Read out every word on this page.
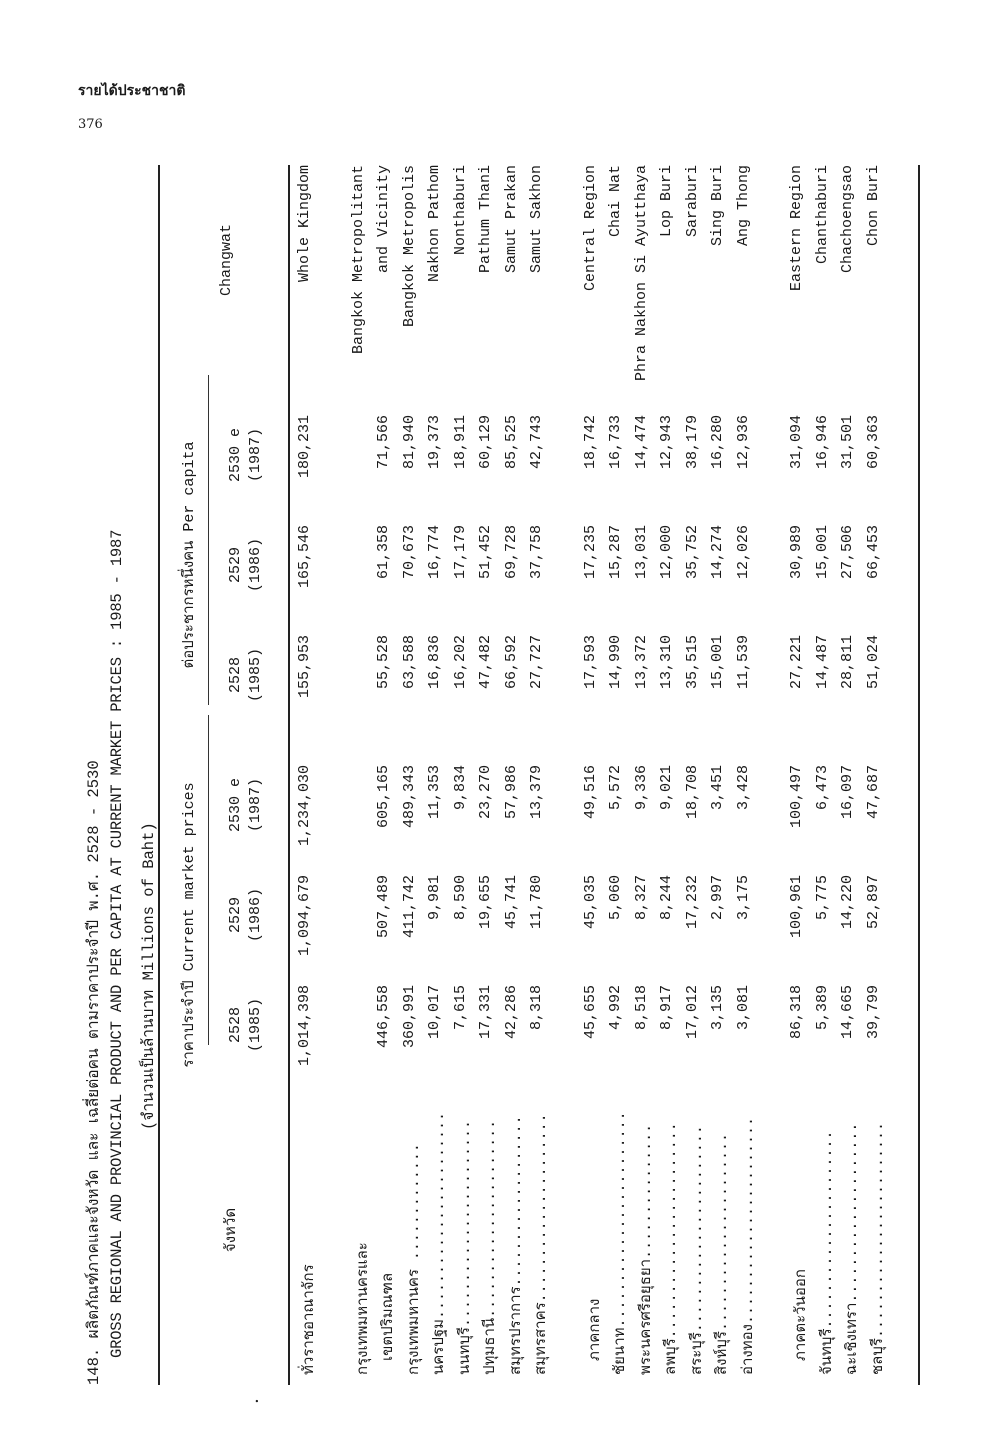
รายได้ประชาชาติ
376
.
148. ผลิตภัณฑ์ภาคและจังหวัด และ เฉลี่ยต่อคน ตามราคาประจำปี พ.ศ. 2528 - 2530 GROSS REGIONAL AND PROVINCIAL PRODUCT AND PER CAPITA AT CURRENT MARKET PRICES : 1985 - 1987 (จำนวนเป็นล้านบาท Millions of Baht)
จังหวัด
ราคาประจำปี Current market prices
ต่อประชากรหนึ่งคน Per capita
Changwat
2528 (1985)
2529 (1986)
2530 e (1987)
2528 (1985)
2529 (1986)
2530 e (1987)
ทั่วราชอาณาจักร
1,014,398
1,094,679
1,234,030
155,953
165,546
180,231
Whole Kingdom
กรุงเทพมหานครและ
Bangkok Metropolitant
เขตปริมณฑล
446,558
507,489
605,165
55,528
61,358
71,566
and Vicinity
กรุงเทพมหานคร .............
360,991
411,742
489,343
63,588
70,673
81,940
Bangkok Metropolis
นครปฐม.......................
10,017
9,981
11,353
16,836
16,774
19,373
Nakhon Pathom
นนทบุรี.......................
7,615
8,590
9,834
16,202
17,179
18,911
Nonthaburi
ปทุมธานี......................
17,331
19,655
23,270
47,482
51,452
60,129
Pathum Thani
สมุทรปราการ...................
42,286
45,741
57,986
66,592
69,728
85,525
Samut Prakan
สมุทรสาคร.....................
8,318
11,780
13,379
27,727
37,758
42,743
Samut Sakhon
ภาคกลาง
45,655
45,035
49,516
17,593
17,235
18,742
Central Region
ชัยนาท........................
4,992
5,060
5,572
14,990
15,287
16,733
Chai Nat
พระนครศรีอยุธยา...............
8,518
8,327
9,336
13,372
13,031
14,474
Phra Nakhon Si Ayutthaya
ลพบุรี........................
8,917
8,244
9,021
13,310
12,000
12,943
Lop Buri
สระบุรี.......................
17,012
17,232
18,708
35,515
35,752
38,179
Saraburi
สิงห์บุรี......................
3,135
2,997
3,451
15,001
14,274
16,280
Sing Buri
อ่างทอง.......................
3,081
3,175
3,428
11,539
12,026
12,936
Ang Thong
ภาคตะวันออก
86,318
100,961
100,497
27,221
30,989
31,094
Eastern Region
จันทบุรี......................
5,389
5,775
6,473
14,487
15,001
16,946
Chanthaburi
ฉะเชิงเทรา....................
14,665
14,220
16,097
28,811
27,506
31,501
Chachoengsao
ชลบุรี........................
39,799
52,897
47,687
51,024
66,453
60,363
Chon Buri
